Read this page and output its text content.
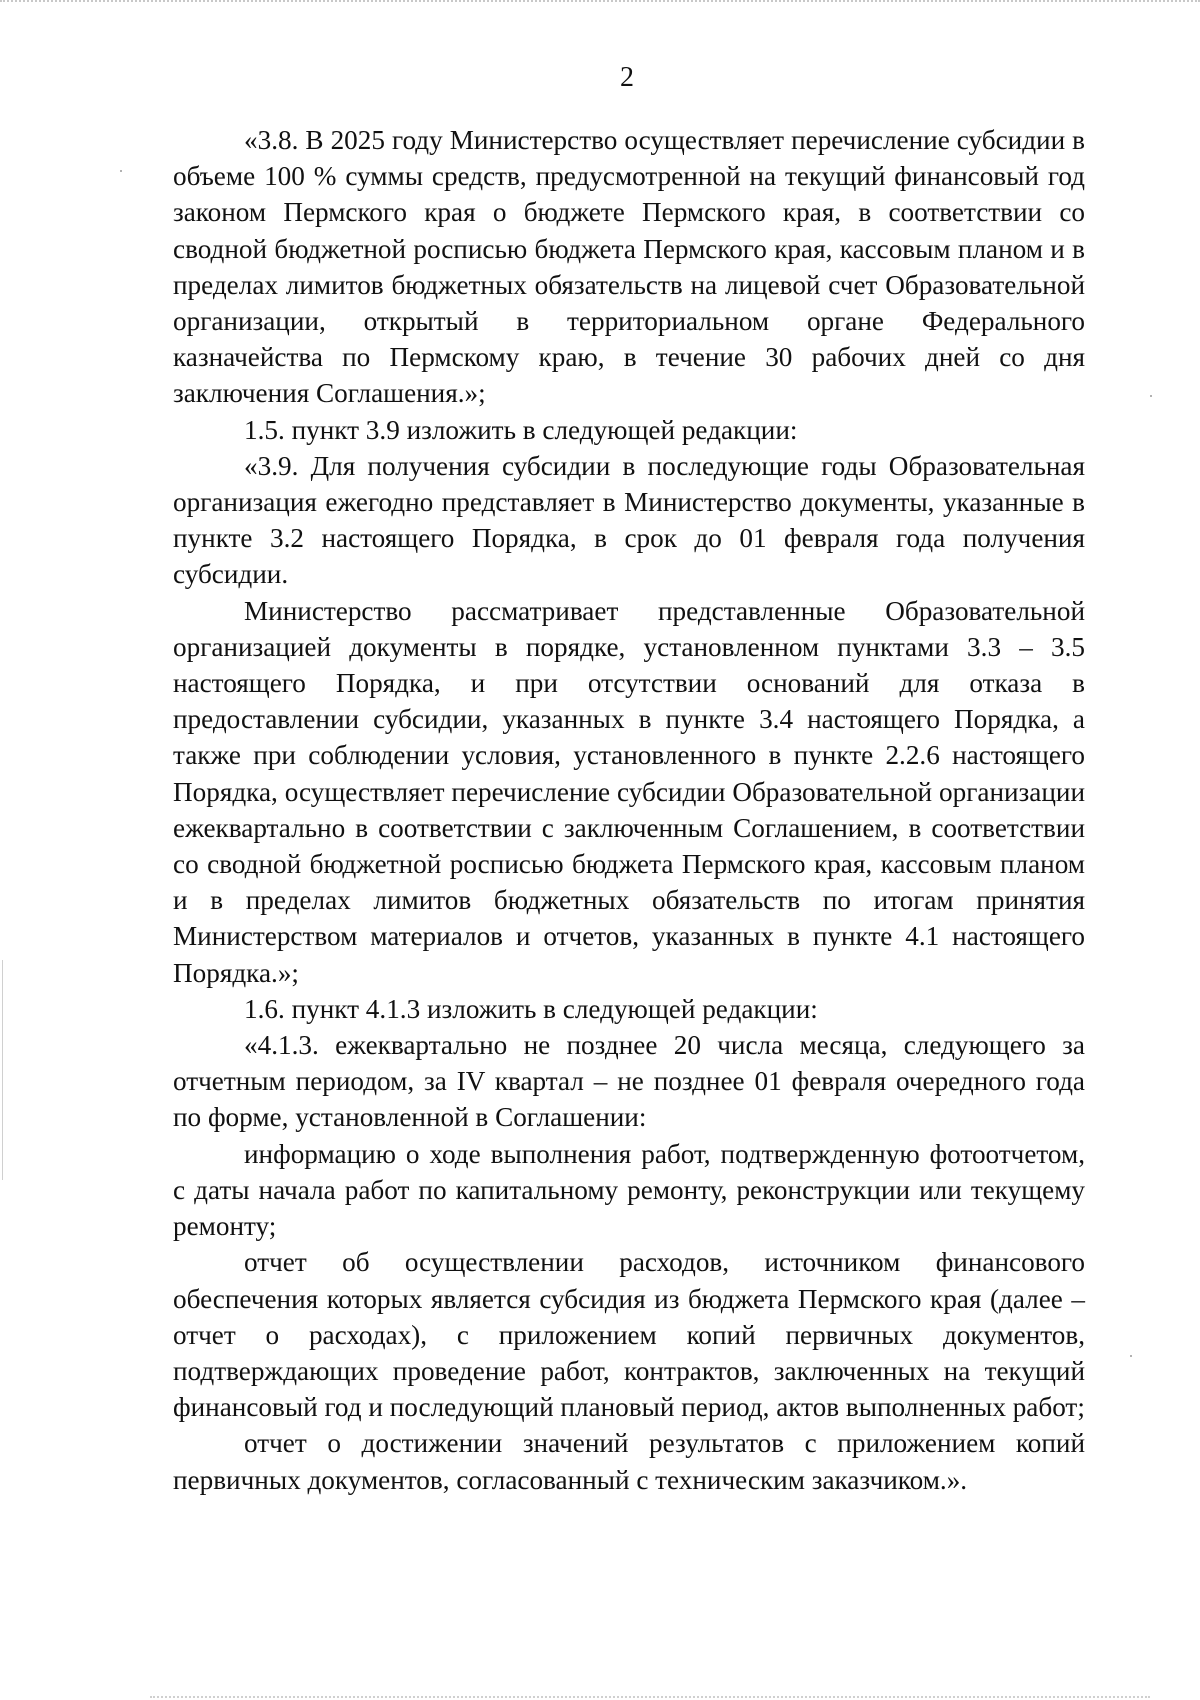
2

«3.8. В 2025 году Министерство осуществляет перечисление субсидии в объеме 100 % суммы средств, предусмотренной на текущий финансовый год законом Пермского края о бюджете Пермского края, в соответствии со сводной бюджетной росписью бюджета Пермского края, кассовым планом и в пределах лимитов бюджетных обязательств на лицевой счет Образовательной организации, открытый в территориальном органе Федерального казначейства по Пермскому краю, в течение 30 рабочих дней со дня заключения Соглашения.»;

1.5. пункт 3.9 изложить в следующей редакции:

«3.9. Для получения субсидии в последующие годы Образовательная организация ежегодно представляет в Министерство документы, указанные в пункте 3.2 настоящего Порядка, в срок до 01 февраля года получения субсидии.

Министерство рассматривает представленные Образовательной организацией документы в порядке, установленном пунктами 3.3 – 3.5 настоящего Порядка, и при отсутствии оснований для отказа в предоставлении субсидии, указанных в пункте 3.4 настоящего Порядка, а также при соблюдении условия, установленного в пункте 2.2.6 настоящего Порядка, осуществляет перечисление субсидии Образовательной организации ежеквартально в соответствии с заключенным Соглашением, в соответствии со сводной бюджетной росписью бюджета Пермского края, кассовым планом и в пределах лимитов бюджетных обязательств по итогам принятия Министерством материалов и отчетов, указанных в пункте 4.1 настоящего Порядка.»;

1.6. пункт 4.1.3 изложить в следующей редакции:

«4.1.3. ежеквартально не позднее 20 числа месяца, следующего за отчетным периодом, за IV квартал – не позднее 01 февраля очередного года по форме, установленной в Соглашении:

информацию о ходе выполнения работ, подтвержденную фотоотчетом, с даты начала работ по капитальному ремонту, реконструкции или текущему ремонту;

отчет об осуществлении расходов, источником финансового обеспечения которых является субсидия из бюджета Пермского края (далее – отчет о расходах), с приложением копий первичных документов, подтверждающих проведение работ, контрактов, заключенных на текущий финансовый год и последующий плановый период, актов выполненных работ;

отчет о достижении значений результатов с приложением копий первичных документов, согласованный с техническим заказчиком.».
